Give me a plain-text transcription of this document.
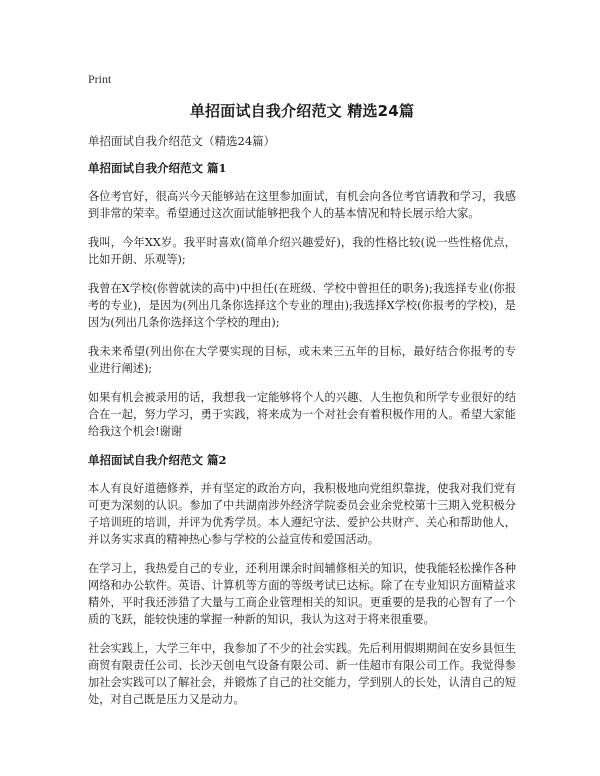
Print
单招面试自我介绍范文 精选24篇
单招面试自我介绍范文（精选24篇）
单招面试自我介绍范文 篇1

各位考官好，很高兴今天能够站在这里参加面试，有机会向各位考官请教和学习，我感到非常的荣幸。希望通过这次面试能够把我个人的基本情况和特长展示给大家。

我叫，今年XX岁。我平时喜欢(简单介绍兴趣爱好)，我的性格比较(说一些性格优点，比如开朗、乐观等);

我曾在X学校(你曾就读的高中)中担任(在班级、学校中曾担任的职务);我选择专业(你报考的专业)，是因为(列出几条你选择这个专业的理由);我选择X学校(你报考的学校)，是因为(列出几条你选择这个学校的理由);

我未来希望(列出你在大学要实现的目标，或未来三五年的目标，最好结合你报考的专业进行阐述);

如果有机会被录用的话，我想我一定能够将个人的兴趣、人生抱负和所学专业很好的结合在一起，努力学习，勇于实践，将来成为一个对社会有着积极作用的人。希望大家能给我这个机会!谢谢

单招面试自我介绍范文 篇2

本人有良好道德修养，并有坚定的政治方向，我积极地向党组织靠拢，使我对我们党有可更为深刻的认识。参加了中共湖南涉外经济学院委员会业余党校第十三期入党积极分子培训班的培训，并评为优秀学员。本人遵纪守法、爱护公共财产、关心和帮助他人，并以务实求真的精神热心参与学校的公益宣传和爱国活动。

在学习上，我热爱自己的专业，还利用课余时间辅修相关的知识，使我能轻松操作各种网络和办公软件。英语、计算机等方面的等级考试已达标。除了在专业知识方面精益求精外，平时我还涉猎了大量与工商企业管理相关的知识。更重要的是我的心智有了一个质的飞跃，能较快速的掌握一种新的知识，我认为这对于将来很重要。

社会实践上，大学三年中，我参加了不少的社会实践。先后利用假期期间在安乡县恒生商贸有限责任公司、长沙天创电气设备有限公司、新一佳超市有限公司工作。我觉得参加社会实践可以了解社会，并锻炼了自己的社交能力，学到别人的长处，认清自己的短处，对自己既是压力又是动力。
